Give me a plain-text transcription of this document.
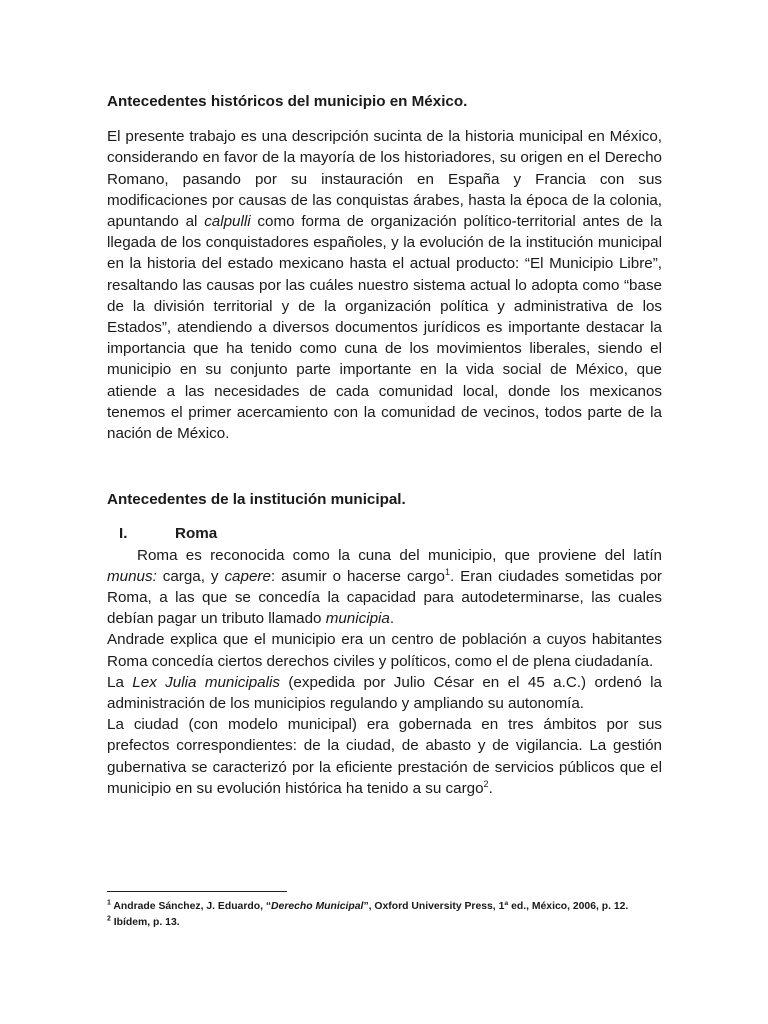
Antecedentes históricos del municipio en México.

El presente trabajo es una descripción sucinta de la historia municipal en México, considerando en favor de la mayoría de los historiadores, su origen en el Derecho Romano, pasando por su instauración en España y Francia con sus modificaciones por causas de las conquistas árabes, hasta la época de la colonia, apuntando al calpulli como forma de organización político-territorial antes de la llegada de los conquistadores españoles, y la evolución de la institución municipal en la historia del estado mexicano hasta el actual producto: “El Municipio Libre”, resaltando las causas por las cuáles nuestro sistema actual lo adopta como “base de la división territorial y de la organización política y administrativa de los Estados”, atendiendo a diversos documentos jurídicos es importante destacar la importancia que ha tenido como cuna de los movimientos liberales, siendo el municipio en su conjunto parte importante en la vida social de México, que atiende a las necesidades de cada comunidad local, donde los mexicanos tenemos el primer acercamiento con la comunidad de vecinos, todos parte de la nación de México.

Antecedentes de la institución municipal.
I.	Roma

Roma es reconocida como la cuna del municipio, que proviene del latín munus: carga, y capere: asumir o hacerse cargo$^1$. Eran ciudades sometidas por Roma, a las que se concedía la capacidad para autodeterminarse, las cuales debían pagar un tributo llamado municipia.

Andrade explica que el municipio era un centro de población a cuyos habitantes Roma concedía ciertos derechos civiles y políticos, como el de plena ciudadanía.

La Lex Julia municipalis (expedida por Julio César en el 45 a.C.) ordenó la administración de los municipios regulando y ampliando su autonomía.

La ciudad (con modelo municipal) era gobernada en tres ámbitos por sus prefectos correspondientes: de la ciudad, de abasto y de vigilancia. La gestión gubernativa se caracterizó por la eficiente prestación de servicios públicos que el municipio en su evolución histórica ha tenido a su cargo$^2$.

$^1$ Andrade Sánchez, J. Eduardo, “Derecho Municipal”, Oxford University Press, 1ª ed., México, 2006, p. 12.
$^2$ Ibídem, p. 13.
